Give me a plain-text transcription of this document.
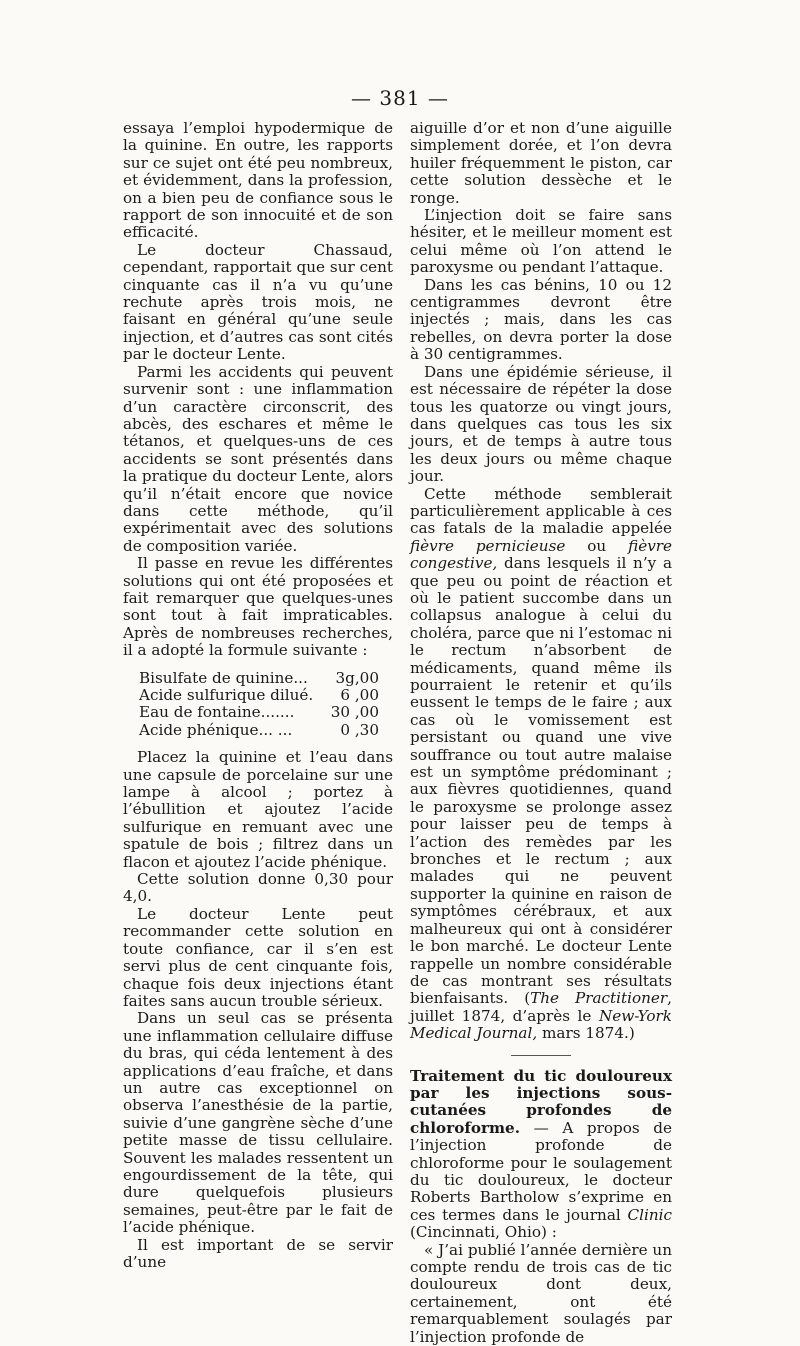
— 381 —

essaya l’emploi hypodermique de la quinine. En outre, les rapports sur ce sujet ont été peu nombreux, et évidemment, dans la profession, on a bien peu de confiance sous le rapport de son innocuité et de son efficacité.

Le docteur Chassaud, cependant, rapportait que sur cent cinquante cas il n’a vu qu’une rechute après trois mois, ne faisant en général qu’une seule injection, et d’autres cas sont cités par le docteur Lente.

Parmi les accidents qui peuvent survenir sont : une inflammation d’un caractère circonscrit, des abcès, des eschares et même le tétanos, et quelques-uns de ces accidents se sont présentés dans la pratique du docteur Lente, alors qu’il n’était encore que novice dans cette méthode, qu’il expérimentait avec des solutions de composition variée.

Il passe en revue les différentes solutions qui ont été proposées et fait remarquer que quelques-unes sont tout à fait impraticables. Après de nombreuses recherches, il a adopté la formule suivante :

Bisulfate de quinine...	3g,00
Acide sulfurique dilué.	6 ,00
Eau de fontaine.......	30 ,00
Acide phénique... ...	0 ,30

Placez la quinine et l’eau dans une capsule de porcelaine sur une lampe à alcool ; portez à l’ébullition et ajoutez l’acide sulfurique en remuant avec une spatule de bois ; filtrez dans un flacon et ajoutez l’acide phénique.

Cette solution donne 0,30 pour 4,0.

Le docteur Lente peut recommander cette solution en toute confiance, car il s’en est servi plus de cent cinquante fois, chaque fois deux injections étant faites sans aucun trouble sérieux.

Dans un seul cas se présenta une inflammation cellulaire diffuse du bras, qui céda lentement à des applications d’eau fraîche, et dans un autre cas exceptionnel on observa l’anesthésie de la partie, suivie d’une gangrène sèche d’une petite masse de tissu cellulaire. Souvent les malades ressentent un engourdissement de la tête, qui dure quelquefois plusieurs semaines, peut-être par le fait de l’acide phénique.

Il est important de se servir d’une

aiguille d’or et non d’une aiguille simplement dorée, et l’on devra huiler fréquemment le piston, car cette solution dessèche et le ronge.

L’injection doit se faire sans hésiter, et le meilleur moment est celui même où l’on attend le paroxysme ou pendant l’attaque.

Dans les cas bénins, 10 ou 12 centigrammes devront être injectés ; mais, dans les cas rebelles, on devra porter la dose à 30 centigrammes.

Dans une épidémie sérieuse, il est nécessaire de répéter la dose tous les quatorze ou vingt jours, dans quelques cas tous les six jours, et de temps à autre tous les deux jours ou même chaque jour.

Cette méthode semblerait particulièrement applicable à ces cas fatals de la maladie appelée fièvre pernicieuse ou fièvre congestive, dans lesquels il n’y a que peu ou point de réaction et où le patient succombe dans un collapsus analogue à celui du choléra, parce que ni l’estomac ni le rectum n’absorbent de médicaments, quand même ils pourraient le retenir et qu’ils eussent le temps de le faire ; aux cas où le vomissement est persistant ou quand une vive souffrance ou tout autre malaise est un symptôme prédominant ; aux fièvres quotidiennes, quand le paroxysme se prolonge assez pour laisser peu de temps à l’action des remèdes par les bronches et le rectum ; aux malades qui ne peuvent supporter la quinine en raison de symptômes cérébraux, et aux malheureux qui ont à considérer le bon marché. Le docteur Lente rappelle un nombre considérable de cas montrant ses résultats bienfaisants. (The Practitioner, juillet 1874, d’après le New-York Medical Journal, mars 1874.)

Traitement du tic douloureux par les injections sous-cutanées profondes de chloroforme. — A propos de l’injection profonde de chloroforme pour le soulagement du tic douloureux, le docteur Roberts Bartholow s’exprime en ces termes dans le journal Clinic (Cincinnati, Ohio) :

« J’ai publié l’année dernière un compte rendu de trois cas de tic douloureux dont deux, certainement, ont été remarquablement soulagés par l’injection profonde de
